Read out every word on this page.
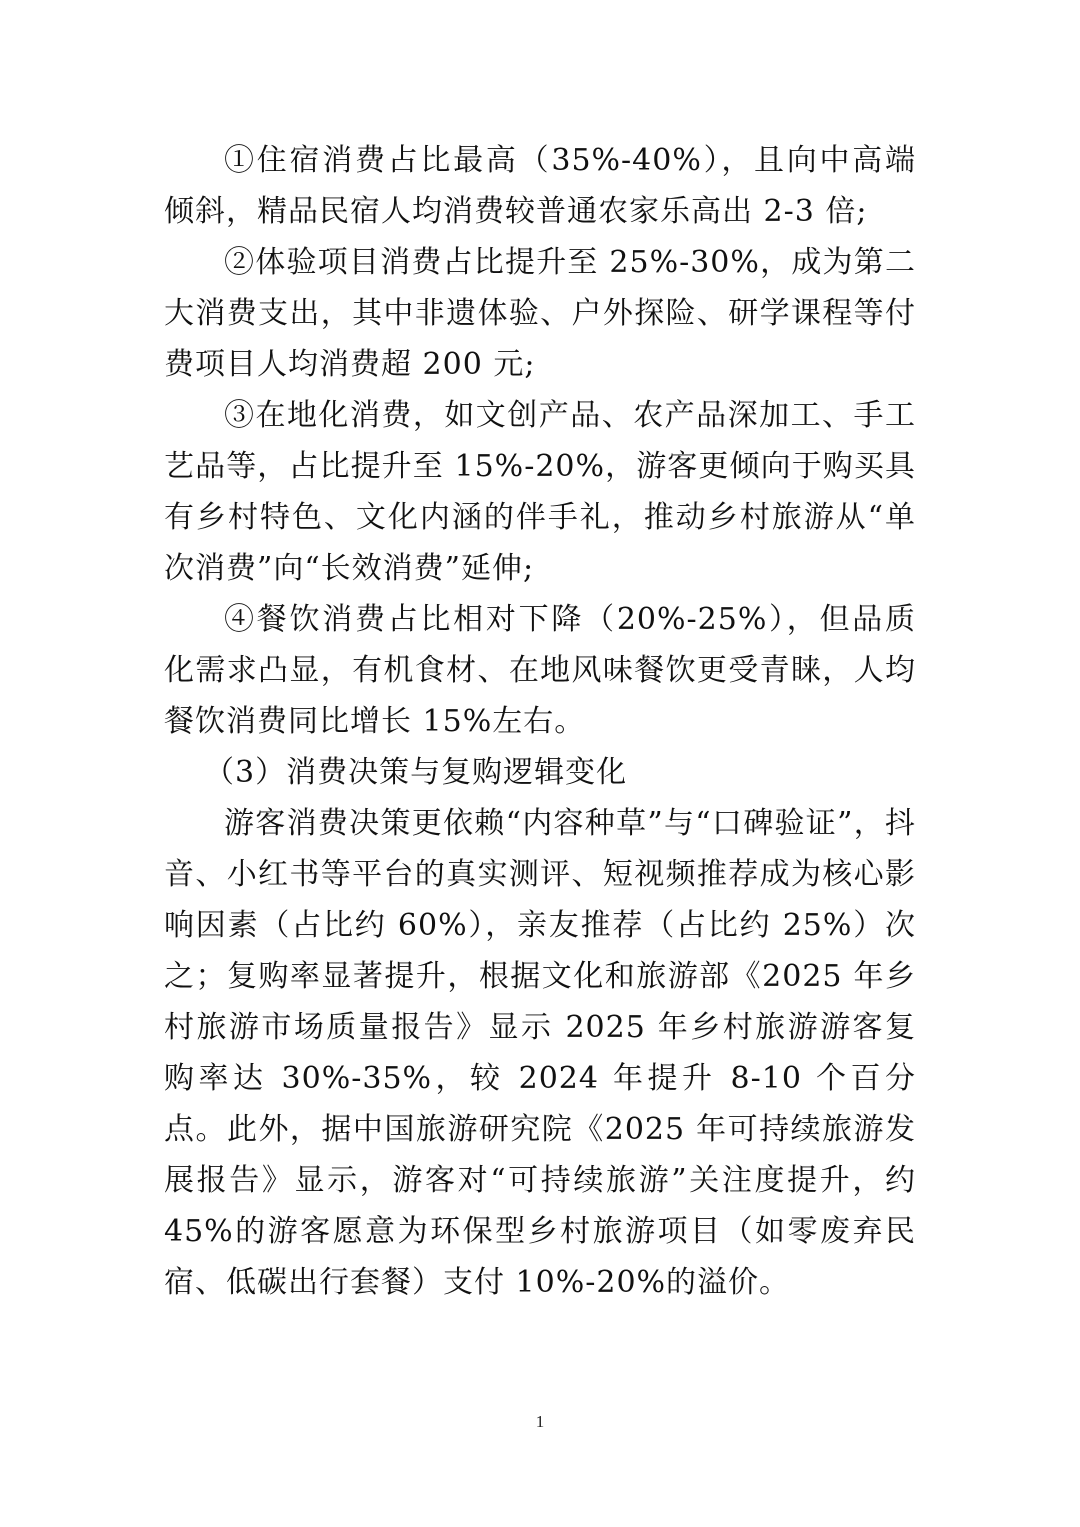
①住宿消费占比最高（35%-40%），且向中高端倾斜，精品民宿人均消费较普通农家乐高出 2-3 倍;

②体验项目消费占比提升至 25%-30%，成为第二大消费支出，其中非遗体验、户外探险、研学课程等付费项目人均消费超 200 元;

③在地化消费，如文创产品、农产品深加工、手工艺品等，占比提升至 15%-20%，游客更倾向于购买具有乡村特色、文化内涵的伴手礼，推动乡村旅游从“单次消费”向“长效消费”延伸;

④餐饮消费占比相对下降（20%-25%），但品质化需求凸显，有机食材、在地风味餐饮更受青睐，人均餐饮消费同比增长 15%左右。

（3）消费决策与复购逻辑变化

游客消费决策更依赖“内容种草”与“口碑验证”，抖音、小红书等平台的真实测评、短视频推荐成为核心影响因素（占比约 60%），亲友推荐（占比约 25%）次之；复购率显著提升，根据文化和旅游部《2025 年乡村旅游市场质量报告》显示 2025 年乡村旅游游客复购率达 30%-35%，较 2024 年提升 8-10 个百分点。此外，据中国旅游研究院《2025 年可持续旅游发展报告》显示，游客对“可持续旅游”关注度提升，约 45%的游客愿意为环保型乡村旅游项目（如零废弃民宿、低碳出行套餐）支付 10%-20%的溢价。

1
